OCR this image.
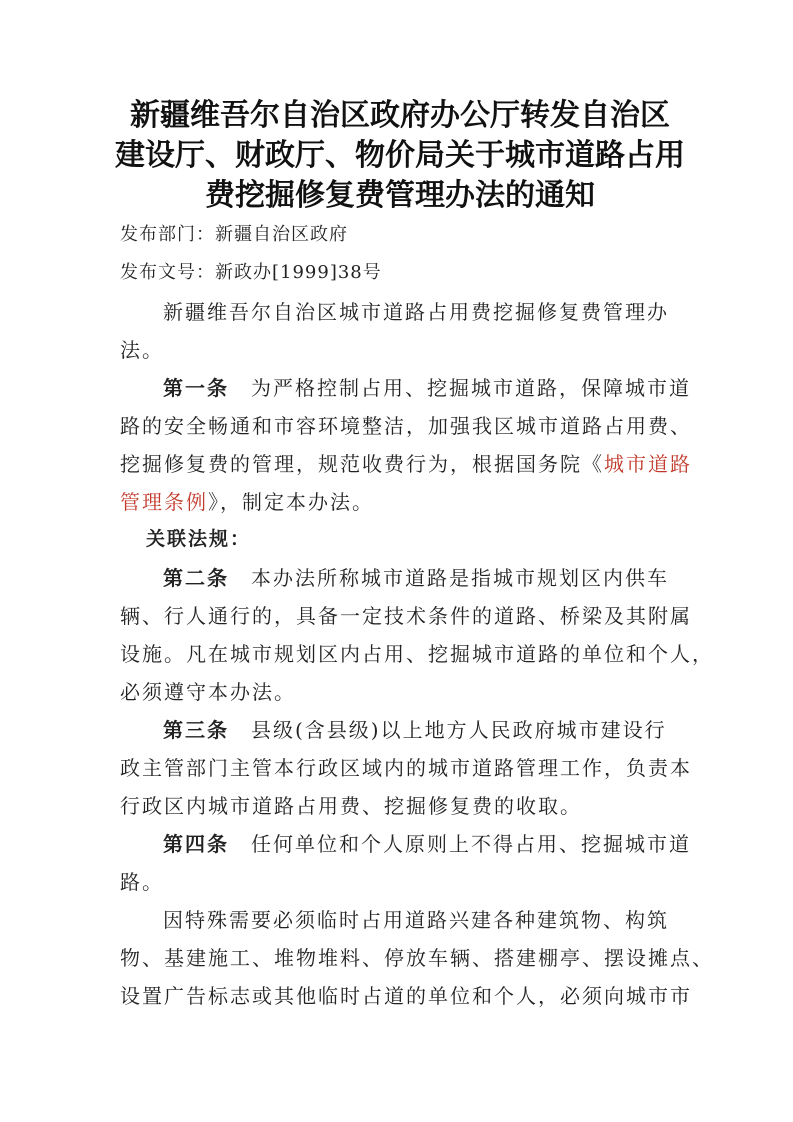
新疆维吾尔自治区政府办公厅转发自治区
建设厅、财政厅、物价局关于城市道路占用
费挖掘修复费管理办法的通知
发布部门：新疆自治区政府
发布文号：新政办[1999]38号
新疆维吾尔自治区城市道路占用费挖掘修复费管理办
法。
第一条 为严格控制占用、挖掘城市道路，保障城市道
路的安全畅通和市容环境整洁，加强我区城市道路占用费、
挖掘修复费的管理，规范收费行为，根据国务院《城市道路
管理条例》，制定本办法。
关联法规：
第二条 本办法所称城市道路是指城市规划区内供车
辆、行人通行的，具备一定技术条件的道路、桥梁及其附属
设施。凡在城市规划区内占用、挖掘城市道路的单位和个人，
必须遵守本办法。
第三条 县级(含县级)以上地方人民政府城市建设行
政主管部门主管本行政区域内的城市道路管理工作，负责本
行政区内城市道路占用费、挖掘修复费的收取。
第四条 任何单位和个人原则上不得占用、挖掘城市道
路。
因特殊需要必须临时占用道路兴建各种建筑物、构筑
物、基建施工、堆物堆料、停放车辆、搭建棚亭、摆设摊点、
设置广告标志或其他临时占道的单位和个人，必须向城市市
